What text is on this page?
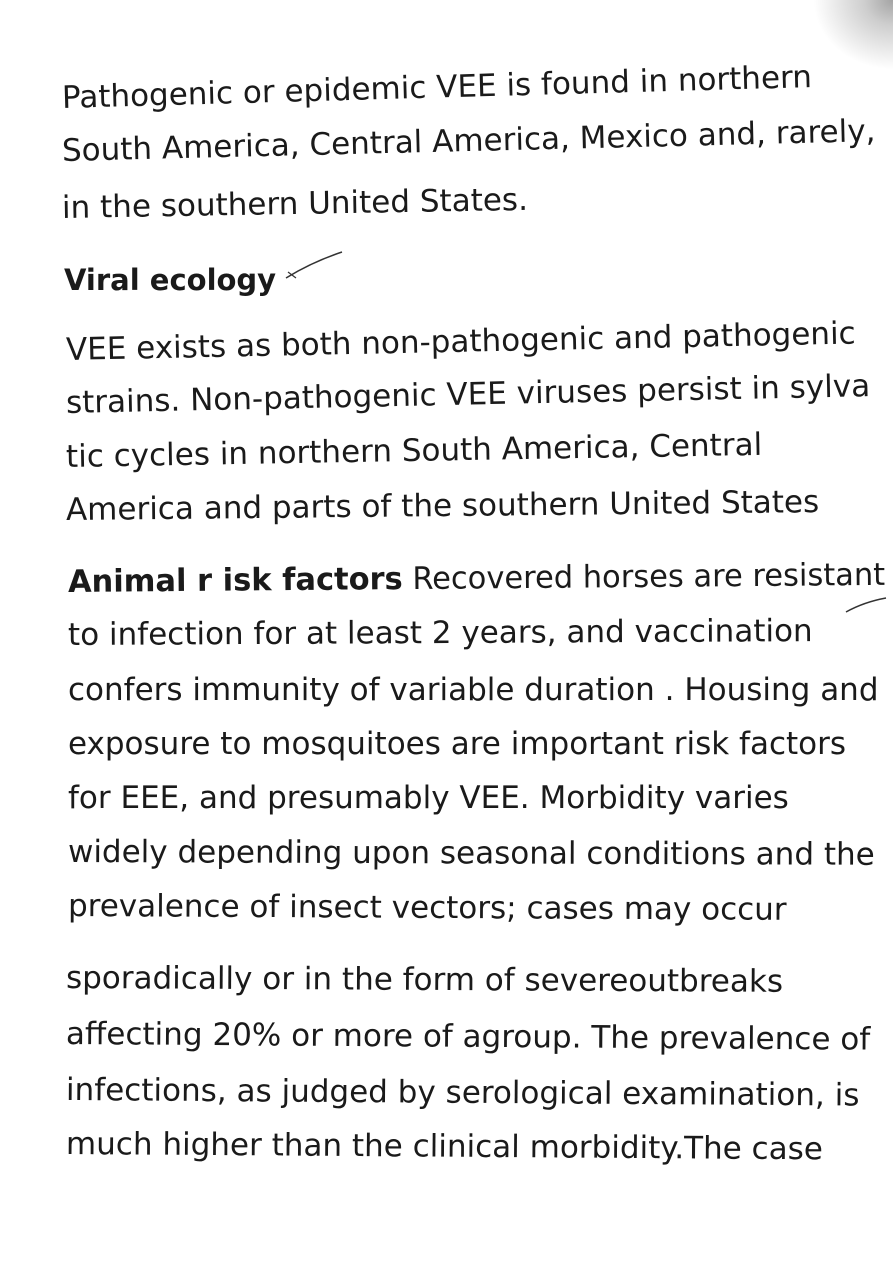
Pathogenic or epidemic VEE is found in northern
South America, Central America, Mexico and, rarely,
in the southern United States.
Viral ecology
VEE exists as both non-pathogenic and pathogenic
strains. Non-pathogenic VEE viruses persist in sylva
tic cycles in northern South America, Central
America and parts of the southern United States
Animal r isk factors Recovered horses are resistant
to infection for at least 2 years, and vaccination
confers immunity of variable duration . Housing and
exposure to mosquitoes are important risk factors
for EEE, and presumably VEE. Morbidity varies
widely depending upon seasonal conditions and the
prevalence of insect vectors; cases may occur
sporadically or in the form of severeoutbreaks
affecting 20% or more of agroup. The prevalence of
infections, as judged by serological examination, is
much higher than the clinical morbidity.The case
